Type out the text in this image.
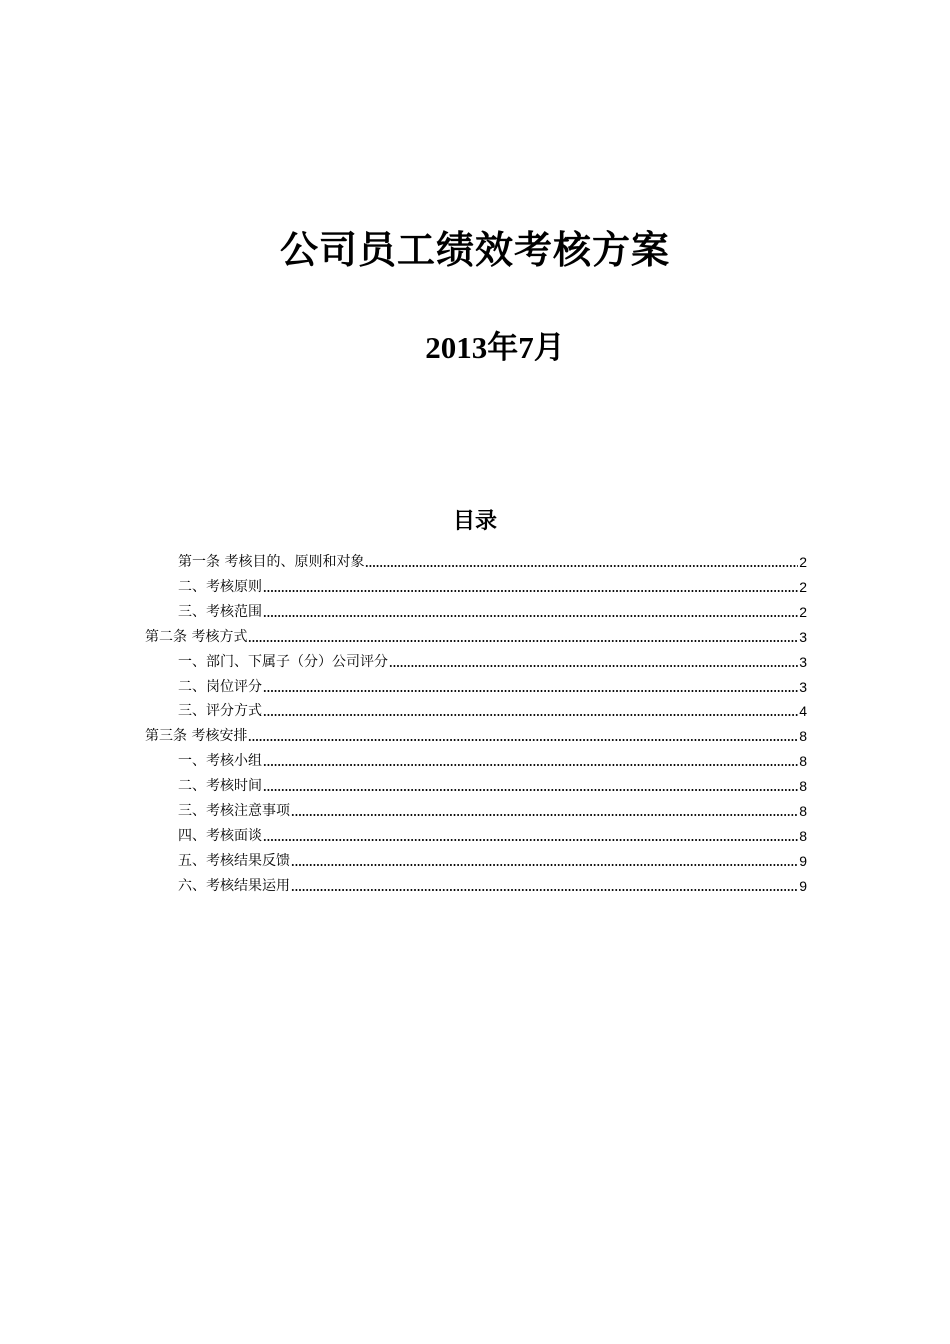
公司员工绩效考核方案
2013年7月
目录
第一条 考核目的、原则和对象	2
二、考核原则	2
三、考核范围	2
第二条 考核方式	3
一、部门、下属子（分）公司评分	3
二、岗位评分	3
三、评分方式	4
第三条 考核安排	8
一、考核小组	8
二、考核时间	8
三、考核注意事项	8
四、考核面谈	8
五、考核结果反馈	9
六、考核结果运用	9
